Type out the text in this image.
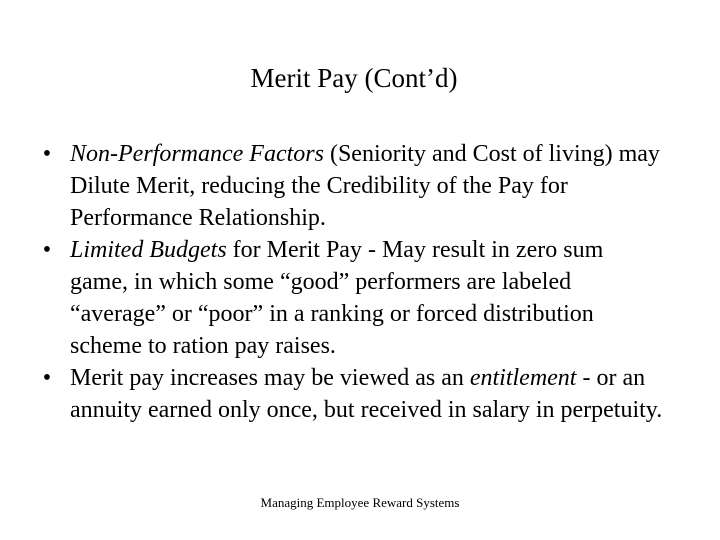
Merit Pay (Cont’d)
• Non-Performance Factors (Seniority and Cost of living) may Dilute Merit, reducing the Credibility of the Pay for Performance Relationship.
• Limited Budgets for Merit Pay - May result in zero sum game, in which some “good” performers are labeled “average” or “poor” in a ranking or forced distribution scheme to ration pay raises.
• Merit pay increases may be viewed as an entitlement - or an annuity earned only once, but received in salary in perpetuity.
Managing Employee Reward Systems
